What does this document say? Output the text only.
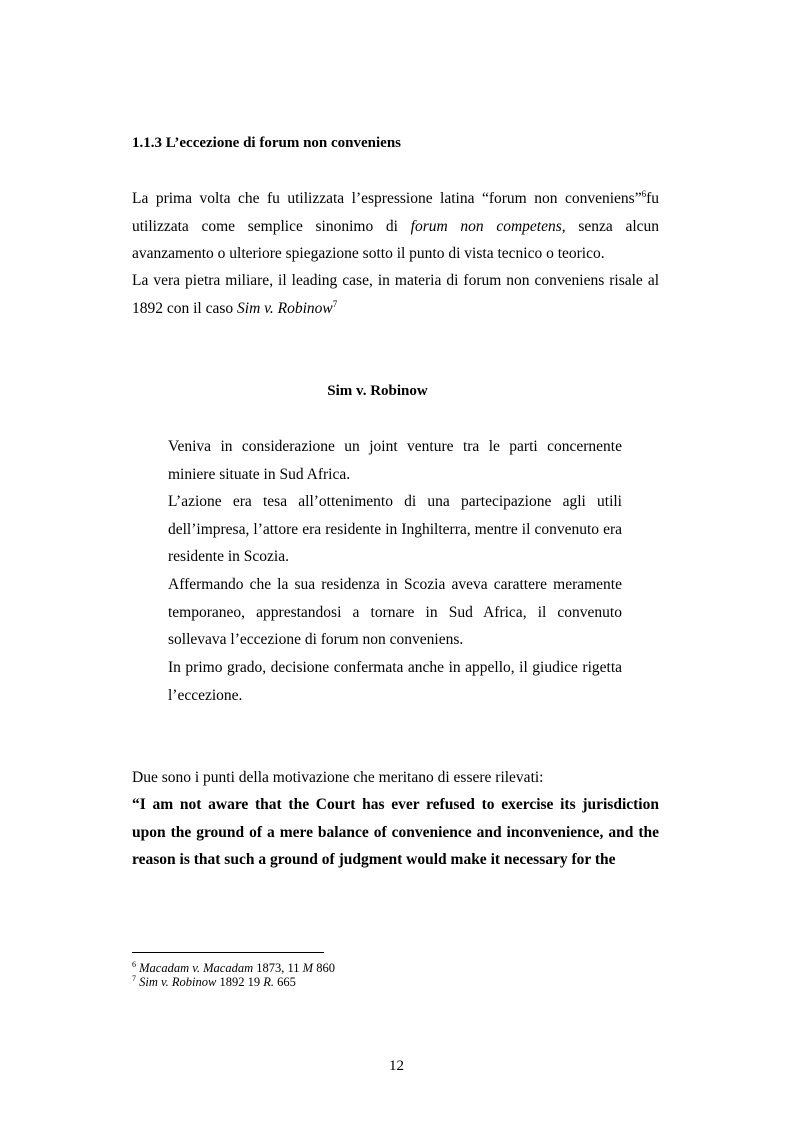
1.1.3 L’eccezione di forum non conveniens

La prima volta che fu utilizzata l’espressione latina “forum non conveniens”$^6$fu utilizzata come semplice sinonimo di forum non competens, senza alcun avanzamento o ulteriore spiegazione sotto il punto di vista tecnico o teorico.

La vera pietra miliare, il leading case, in materia di forum non conveniens risale al 1892 con il caso Sim v. Robinow$^7$

Sim v. Robinow

Veniva in considerazione un joint venture tra le parti concernente miniere situate in Sud Africa.

L’azione era tesa all’ottenimento di una partecipazione agli utili dell’impresa, l’attore era residente in Inghilterra, mentre il convenuto era residente in Scozia.

Affermando che la sua residenza in Scozia aveva carattere meramente temporaneo, apprestandosi a tornare in Sud Africa, il convenuto sollevava l’eccezione di forum non conveniens.

In primo grado, decisione confermata anche in appello, il giudice rigetta l’eccezione.

Due sono i punti della motivazione che meritano di essere rilevati:

“I am not aware that the Court has ever refused to exercise its jurisdiction upon the ground of a mere balance of convenience and inconvenience, and the reason is that such a ground of judgment would make it necessary for the

$^6$ Macadam v. Macadam 1873, 11 M 860

$^7$ Sim v. Robinow 1892 19 R. 665

12
